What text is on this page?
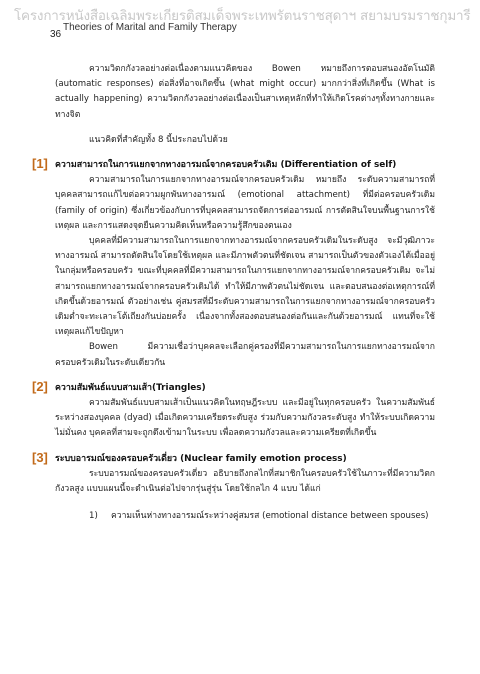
โครงการหนังสือเฉลิมพระเกียรติสมเด็จพระเทพรัตนราชสุดาฯ สยามบรมราชกุมารี
Theories of Marital and Family Therapy
36

ความวิตกกังวลอย่างต่อเนื่องตามแนวคิดของ Bowen หมายถึงการตอบสนองอัตโนมัติ (automatic responses) ต่อสิ่งที่อาจเกิดขึ้น (what might occur) มากกว่าสิ่งที่เกิดขึ้น (What is actually happening) ความวิตกกังวลอย่างต่อเนื่องเป็นสาเหตุหลักที่ทำให้เกิดโรคต่างๆทั้งทางกายและทางจิต

แนวคิดที่สำคัญทั้ง 8 นี้ประกอบไปด้วย

[1] ความสามารถในการแยกจากทางอารมณ์จากครอบครัวเดิม (Differentiation of self)

ความสามารถในการแยกจากทางอารมณ์จากครอบครัวเดิม หมายถึง ระดับความสามารถที่บุคคลสามารถแก้ไขต่อความผูกพันทางอารมณ์ (emotional attachment) ที่มีต่อครอบครัวเดิม (family of origin) ซึ่งเกี่ยวข้องกับการที่บุคคลสามารถจัดการต่ออารมณ์ การตัดสินใจบนพื้นฐานการใช้เหตุผล และการแสดงจุดยืนความคิดเห็นหรือความรู้สึกของตนเอง

บุคคลที่มีความสามารถในการแยกจากทางอารมณ์จากครอบครัวเดิมในระดับสูง จะมีวุฒิภาวะทางอารมณ์ สามารถตัดสินใจโดยใช้เหตุผล และมีภาพตัวตนที่ชัดเจน สามารถเป็นตัวของตัวเองได้เมื่ออยู่ในกลุ่มหรือครอบครัว ขณะที่บุคคลที่มีความสามารถในการแยกจากทางอารมณ์จากครอบครัวเดิม จะไม่สามารถแยกทางอารมณ์จากครอบครัวเดิมได้ ทำให้มีภาพตัวตนไม่ชัดเจน และตอบสนองต่อเหตุการณ์ที่เกิดขึ้นด้วยอารมณ์ ตัวอย่างเช่น คู่สมรสที่มีระดับความสามารถในการแยกจากทางอารมณ์จากครอบครัวเดิมต่ำจะทะเลาะโต้เถียงกันบ่อยครั้ง เนื่องจากทั้งสองตอบสนองต่อกันและกันด้วยอารมณ์ แทนที่จะใช้เหตุผลแก้ไขปัญหา

Bowen มีความเชื่อว่าบุคคลจะเลือกคู่ครองที่มีความสามารถในการแยกทางอารมณ์จากครอบครัวเดิมในระดับเดียวกัน

[2] ความสัมพันธ์แบบสามเส้า(Triangles)

ความสัมพันธ์แบบสามเส้าเป็นแนวคิดในทฤษฎีระบบ และมีอยู่ในทุกครอบครัว ในความสัมพันธ์ระหว่างสองบุคคล (dyad) เมื่อเกิดความเครียดระดับสูง ร่วมกับความกังวลระดับสูง ทำให้ระบบเกิดความไม่มั่นคง บุคคลที่สามจะถูกดึงเข้ามาในระบบ เพื่อลดความกังวลและความเครียดที่เกิดขึ้น

[3] ระบบอารมณ์ของครอบครัวเดี่ยว (Nuclear family emotion process)

ระบบอารมณ์ของครอบครัวเดี่ยว อธิบายถึงกลไกที่สมาชิกในครอบครัวใช้ในภาวะที่มีความวิตกกังวลสูง แบบแผนนี้จะดำเนินต่อไปจากรุ่นสู่รุ่น โดยใช้กลไก 4 แบบ ได้แก่

1) ความเห็นห่างทางอารมณ์ระหว่างคู่สมรส (emotional distance between spouses)
